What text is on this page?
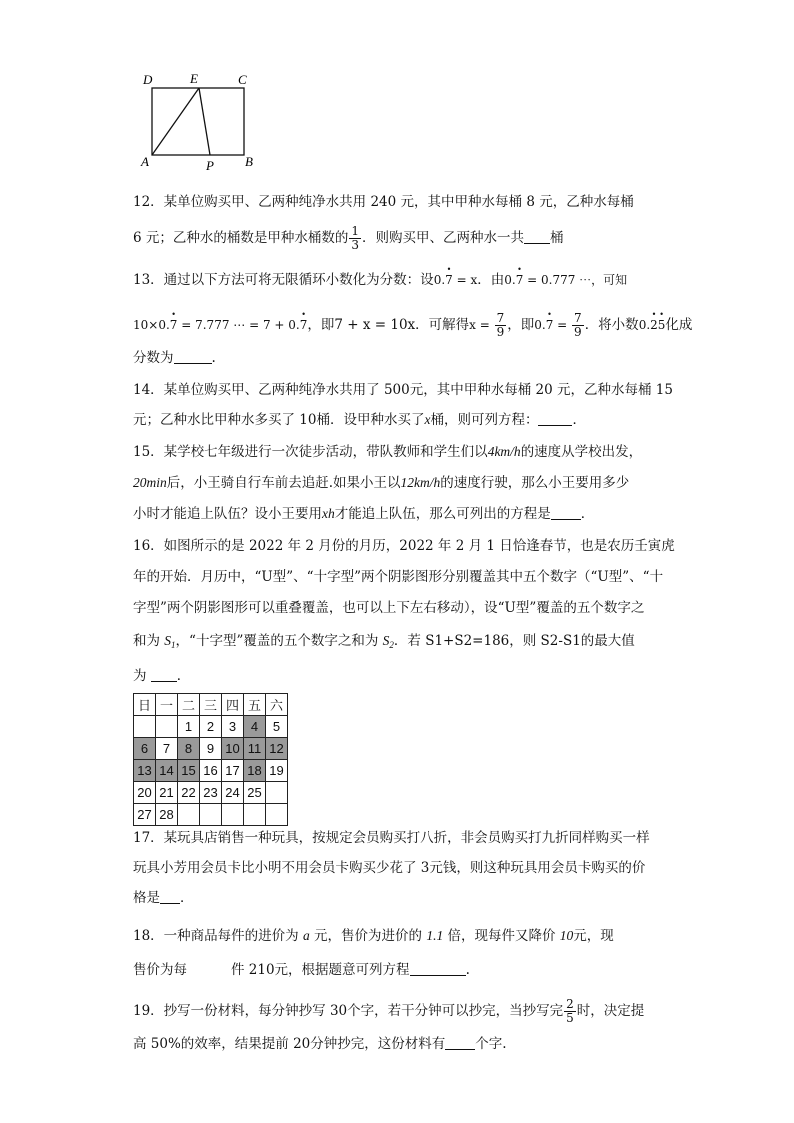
D	E	C
A	P B
12．某单位购买甲、乙两种纯净水共用 240 元，其中甲种水每桶 8 元，乙种水每桶
6 元；乙种水的桶数是甲种水桶数的 $\frac{1}{3}$ ．则购买甲、乙两种水一共 桶
13．通过以下方法可将无限循环小数化为分数：设0.• 7 = x．由0.• 7 = 0.777 ⋯，可知
10×0.• 7 = 7.777 ⋯ = 7 + 0.• 7，即7 + x = 10x．可解得$x = \frac{7}{9}$ ，即0.• $7 = \frac{7}{9}$ ．将小数0.• 2• 5化成
分数为	.
14．某单位购买甲、乙两种纯净水共用了 500元，其中甲种水每桶 20 元，乙种水每桶 15
元；乙种水比甲种水多买了 10桶．设甲种水买了x桶，则可列方程：	．
15．某学校七年级进行一次徒步活动，带队教师和学生们以4km/h的速度从学校出发，
20min后，小王骑自行车前去追赶.如果小王以12km/h的速度行驶，那么小王要用多少
小时才能追上队伍？设小王要用xh才能追上队伍，那么可列出的方程是 ．
16．如图所示的是 2022 年 2 月份的月历，2022 年 2 月 1 日恰逢春节，也是农历壬寅虎
年的开始．月历中，“U型”、“十字型”两个阴影图形分别覆盖其中五个数字（“U型”、“十
字型”两个阴影图形可以重叠覆盖，也可以上下左右移动），设“U型”覆盖的五个数字之
和为 $S_1$，“十字型”覆盖的五个数字之和为 $S_2$．若 S1+S2=186，则 S2-S1的最大值
为 ．
日	一	二	三	四	五	六
		1	2	3	4	5
6	7	8	9	10	11	12
13	14	15	16	17	18	19
20	21	22	23	24	25	
27	28					
17．某玩具店销售一种玩具，按规定会员购买打八折，非会员购买打九折同样购买一样
玩具小芳用会员卡比小明不用会员卡购买少花了 3元钱，则这种玩具用会员卡购买的价
格是 ．
18．一种商品每件的进价为 a 元，售价为进价的 1.1 倍，现每件又降价 10元，现
售价为每	件 210元，根据题意可列方程	.
19．抄写一份材料，每分钟抄写 30个字，若干分钟可以抄完，当抄写完 $\frac{2}{5}$ 时，决定提
高 50%的效率，结果提前 20分钟抄完，这份材料有 个字.
